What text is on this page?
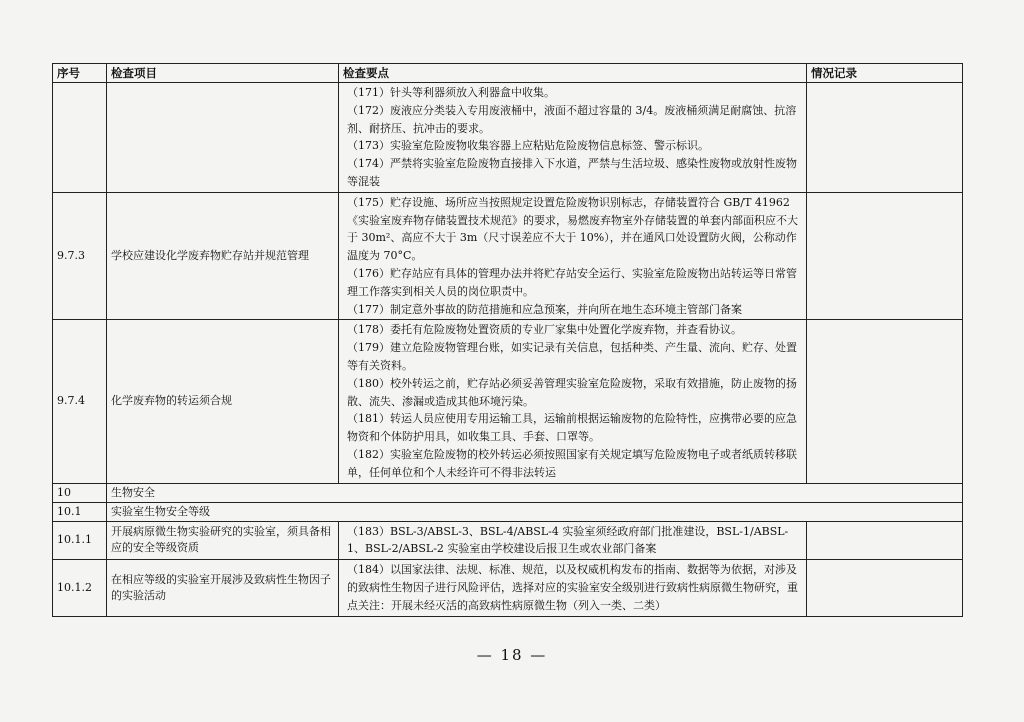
序号	检查项目	检查要点	情况记录

		（171）针头等利器须放入利器盒中收集。
（172）废液应分类装入专用废液桶中，液面不超过容量的 3/4。废液桶须满足耐腐蚀、抗溶剂、耐挤压、抗冲击的要求。
（173）实验室危险废物收集容器上应粘贴危险废物信息标签、警示标识。
（174）严禁将实验室危险废物直接排入下水道，严禁与生活垃圾、感染性废物或放射性废物等混装	

9.7.3	学校应建设化学废弃物贮存站并规范管理	（175）贮存设施、场所应当按照规定设置危险废物识别标志，存储装置符合 GB/T 41962《实验室废弃物存储装置技术规范》的要求，易燃废弃物室外存储装置的单套内部面积应不大于 30m²、高应不大于 3m（尺寸误差应不大于 10%），并在通风口处设置防火阀，公称动作温度为 70°C。
（176）贮存站应有具体的管理办法并将贮存站安全运行、实验室危险废物出站转运等日常管理工作落实到相关人员的岗位职责中。
（177）制定意外事故的防范措施和应急预案，并向所在地生态环境主管部门备案	

9.7.4	化学废弃物的转运须合规	（178）委托有危险废物处置资质的专业厂家集中处置化学废弃物，并查看协议。
（179）建立危险废物管理台账，如实记录有关信息，包括种类、产生量、流向、贮存、处置等有关资料。
（180）校外转运之前，贮存站必须妥善管理实验室危险废物，采取有效措施，防止废物的扬散、流失、渗漏或造成其他环境污染。
（181）转运人员应使用专用运输工具，运输前根据运输废物的危险特性，应携带必要的应急物资和个体防护用具，如收集工具、手套、口罩等。
（182）实验室危险废物的校外转运必须按照国家有关规定填写危险废物电子或者纸质转移联单，任何单位和个人未经许可不得非法转运	

10	生物安全		
10.1	实验室生物安全等级		
10.1.1	开展病原微生物实验研究的实验室，须具备相应的安全等级资质	（183）BSL-3/ABSL-3、BSL-4/ABSL-4 实验室须经政府部门批准建设，BSL-1/ABSL-1、BSL-2/ABSL-2 实验室由学校建设后报卫生或农业部门备案	

10.1.2	在相应等级的实验室开展涉及致病性生物因子的实验活动	（184）以国家法律、法规、标准、规范，以及权威机构发布的指南、数据等为依据，对涉及的致病性生物因子进行风险评估，选择对应的实验室安全级别进行致病性病原微生物研究，重点关注：开展未经灭活的高致病性病原微生物（列入一类、二类）	

— 18 —
